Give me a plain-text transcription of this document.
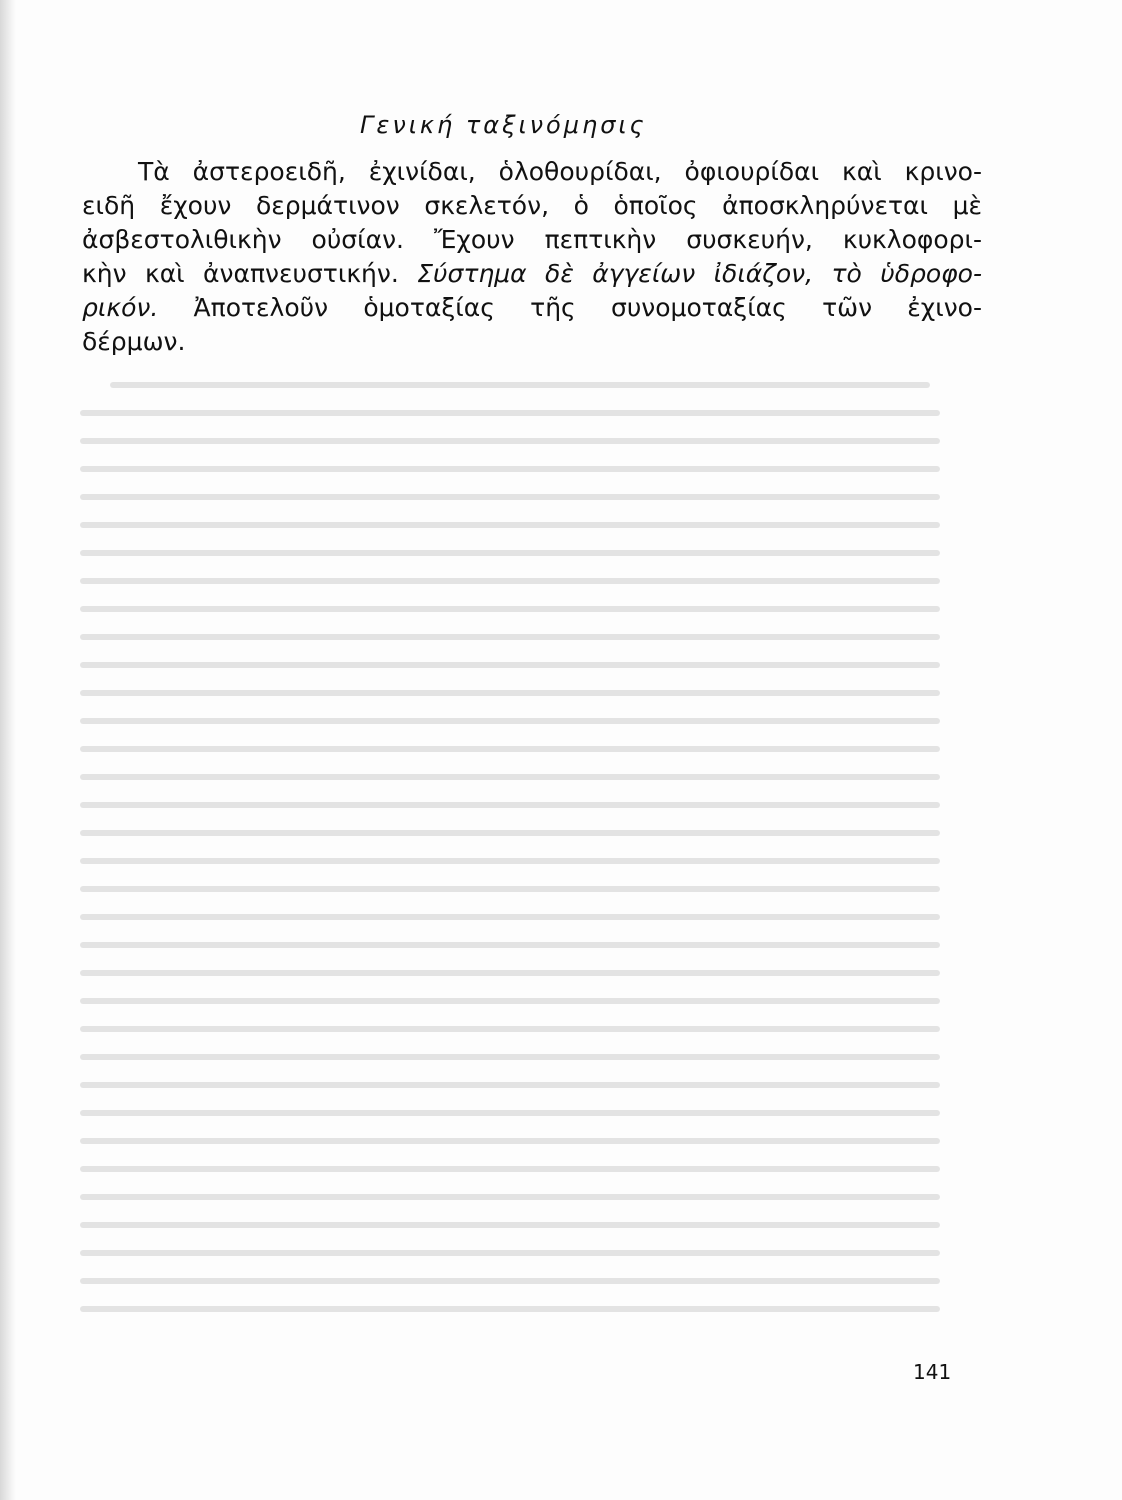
Γενική ταξινόμησις
Τὰ ἀστεροειδῆ, ἐχινίδαι, ὁλοθουρίδαι, ὀφιουρίδαι καὶ κρινο-
ειδῆ ἔχουν δερμάτινον σκελετόν, ὁ ὁποῖος ἀποσκληρύνεται μὲ
ἀσβεστολιθικὴν οὐσίαν. Ἔχουν πεπτικὴν συσκευήν, κυκλοφορι-
κὴν καὶ ἀναπνευστικήν. Σύστημα δὲ ἀγγείων ἰδιάζον, τὸ ὑδροφο-
ρικόν. Ἀποτελοῦν ὁμοταξίας τῆς συνομοταξίας τῶν ἐχινο-
δέρμων.
141
